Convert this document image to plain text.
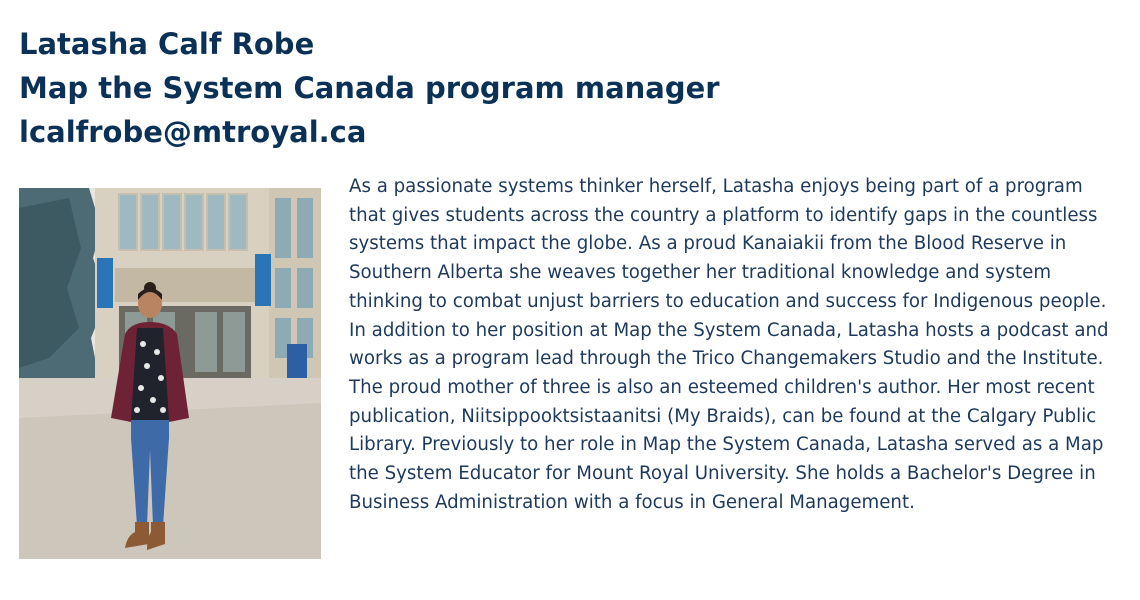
Latasha Calf Robe
Map the System Canada program manager
lcalfrobe@mtroyal.ca

As a passionate systems thinker herself, Latasha enjoys being part of a program that gives students across the country a platform to identify gaps in the countless systems that impact the globe. As a proud Kanaiakii from the Blood Reserve in Southern Alberta she weaves together her traditional knowledge and system thinking to combat unjust barriers to education and success for Indigenous people. In addition to her position at Map the System Canada, Latasha hosts a podcast and works as a program lead through the Trico Changemakers Studio and the Institute. The proud mother of three is also an esteemed children's author. Her most recent publication, Niitsippooktsistaanitsi (My Braids), can be found at the Calgary Public Library. Previously to her role in Map the System Canada, Latasha served as a Map the System Educator for Mount Royal University. She holds a Bachelor's Degree in Business Administration with a focus in General Management.
